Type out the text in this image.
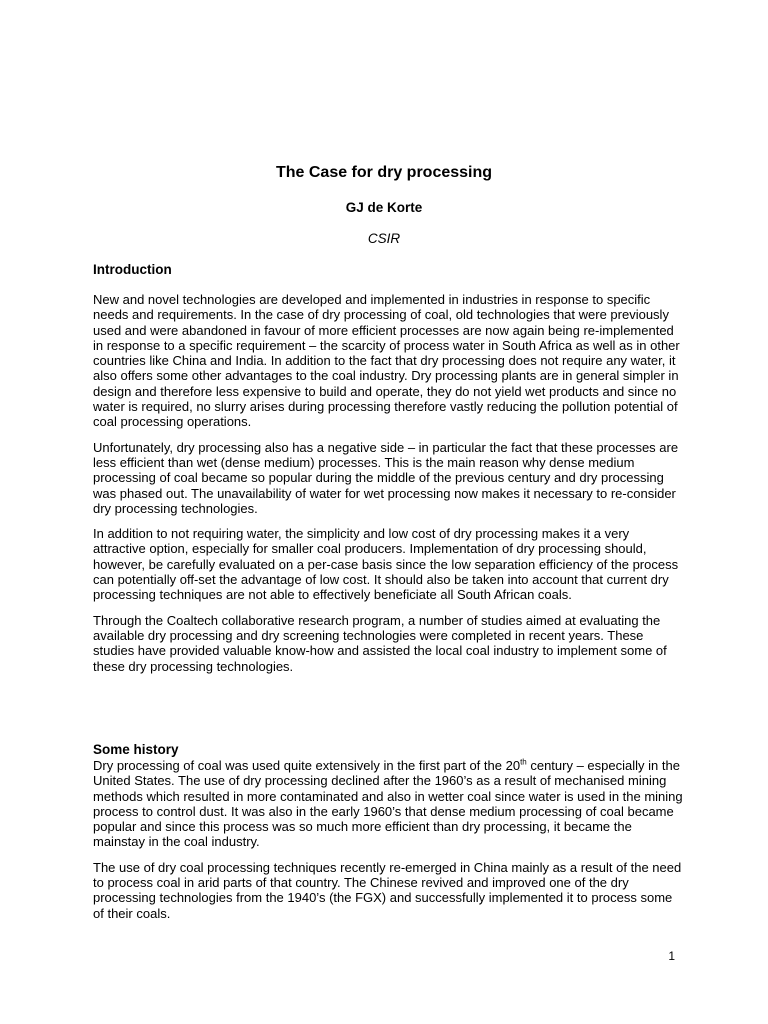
The Case for dry processing
GJ de Korte
CSIR
Introduction

New and novel technologies are developed and implemented in industries in response to specific needs and requirements. In the case of dry processing of coal, old technologies that were previously used and were abandoned in favour of more efficient processes are now again being re-implemented in response to a specific requirement – the scarcity of process water in South Africa as well as in other countries like China and India. In addition to the fact that dry processing does not require any water, it also offers some other advantages to the coal industry. Dry processing plants are in general simpler in design and therefore less expensive to build and operate, they do not yield wet products and since no water is required, no slurry arises during processing therefore vastly reducing the pollution potential of coal processing operations.

Unfortunately, dry processing also has a negative side – in particular the fact that these processes are less efficient than wet (dense medium) processes. This is the main reason why dense medium processing of coal became so popular during the middle of the previous century and dry processing was phased out. The unavailability of water for wet processing now makes it necessary to re-consider dry processing technologies.

In addition to not requiring water, the simplicity and low cost of dry processing makes it a very attractive option, especially for smaller coal producers. Implementation of dry processing should, however, be carefully evaluated on a per-case basis since the low separation efficiency of the process can potentially off-set the advantage of low cost. It should also be taken into account that current dry processing techniques are not able to effectively beneficiate all South African coals.

Through the Coaltech collaborative research program, a number of studies aimed at evaluating the available dry processing and dry screening technologies were completed in recent years. These studies have provided valuable know-how and assisted the local coal industry to implement some of these dry processing technologies.

Some history

Dry processing of coal was used quite extensively in the first part of the 20th century – especially in the United States. The use of dry processing declined after the 1960’s as a result of mechanised mining methods which resulted in more contaminated and also in wetter coal since water is used in the mining process to control dust. It was also in the early 1960’s that dense medium processing of coal became popular and since this process was so much more efficient than dry processing, it became the mainstay in the coal industry.

The use of dry coal processing techniques recently re-emerged in China mainly as a result of the need to process coal in arid parts of that country. The Chinese revived and improved one of the dry processing technologies from the 1940’s (the FGX) and successfully implemented it to process some of their coals.

1
